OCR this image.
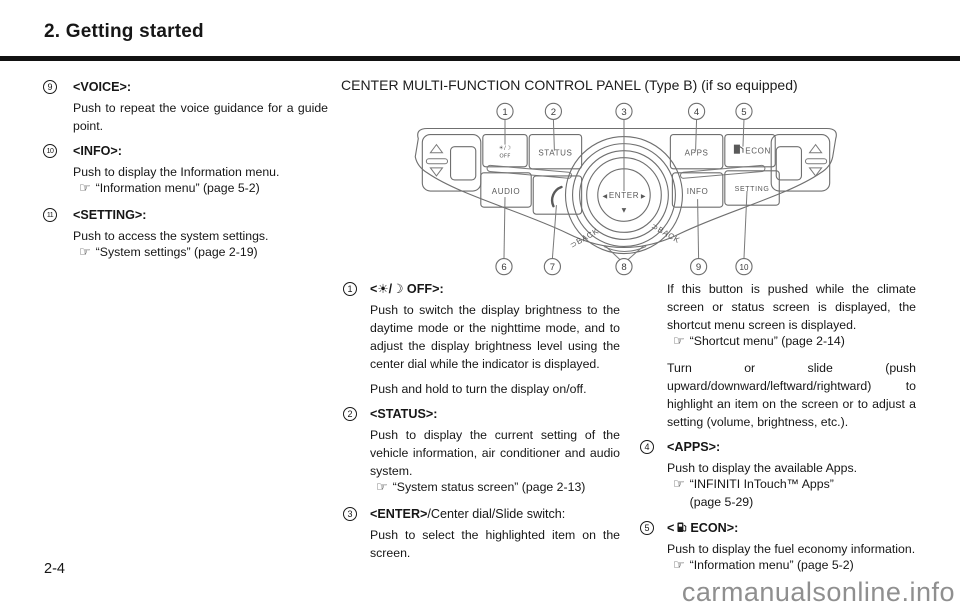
2. Getting started
9	<VOICE>:

Push to repeat the voice guidance for a guide point.

10 <INFO>:

Push to display the Information menu.

☞ “Information menu” (page 5-2)
11	<SETTING>:

Push to access the system settings.

☞ “System settings” (page 2-19)
CENTER MULTI-FUNCTION CONTROL PANEL (Type B) (if so equipped)
☀/☽
OFF	STATUS
AUDIO
APPS	ECON
INFO	SETTING
◀ ENTER ▶
▼
⊃BACK	⊃BACK
1	2	3	4	5
6	7	8	9	10
1	<☀/☽ OFF>:

Push to switch the display brightness to the daytime mode or the nighttime mode, and to adjust the display brightness level using the center dial while the indicator is displayed.

Push and hold to turn the display on/off.

2	<STATUS>:

Push to display the current setting of the vehicle information, air conditioner and audio system.

☞ “System status screen” (page 2-13)
3	<ENTER>/Center dial/Slide switch:

Push to select the highlighted item on the screen.

If this button is pushed while the climate screen or status screen is displayed, the shortcut menu screen is displayed.

☞ “Shortcut menu” (page 2-14)

Turn or slide (push upward/downward/leftward/rightward) to highlight an item on the screen or to adjust a setting (volume, brightness, etc.).

4	<APPS>:

Push to display the available Apps.

☞ “INFINITI InTouch™ Apps”
(page 5-29)
5	< ECON>:

Push to display the fuel economy information.

☞ “Information menu” (page 5-2)
2-4
carmanualsonline.info
